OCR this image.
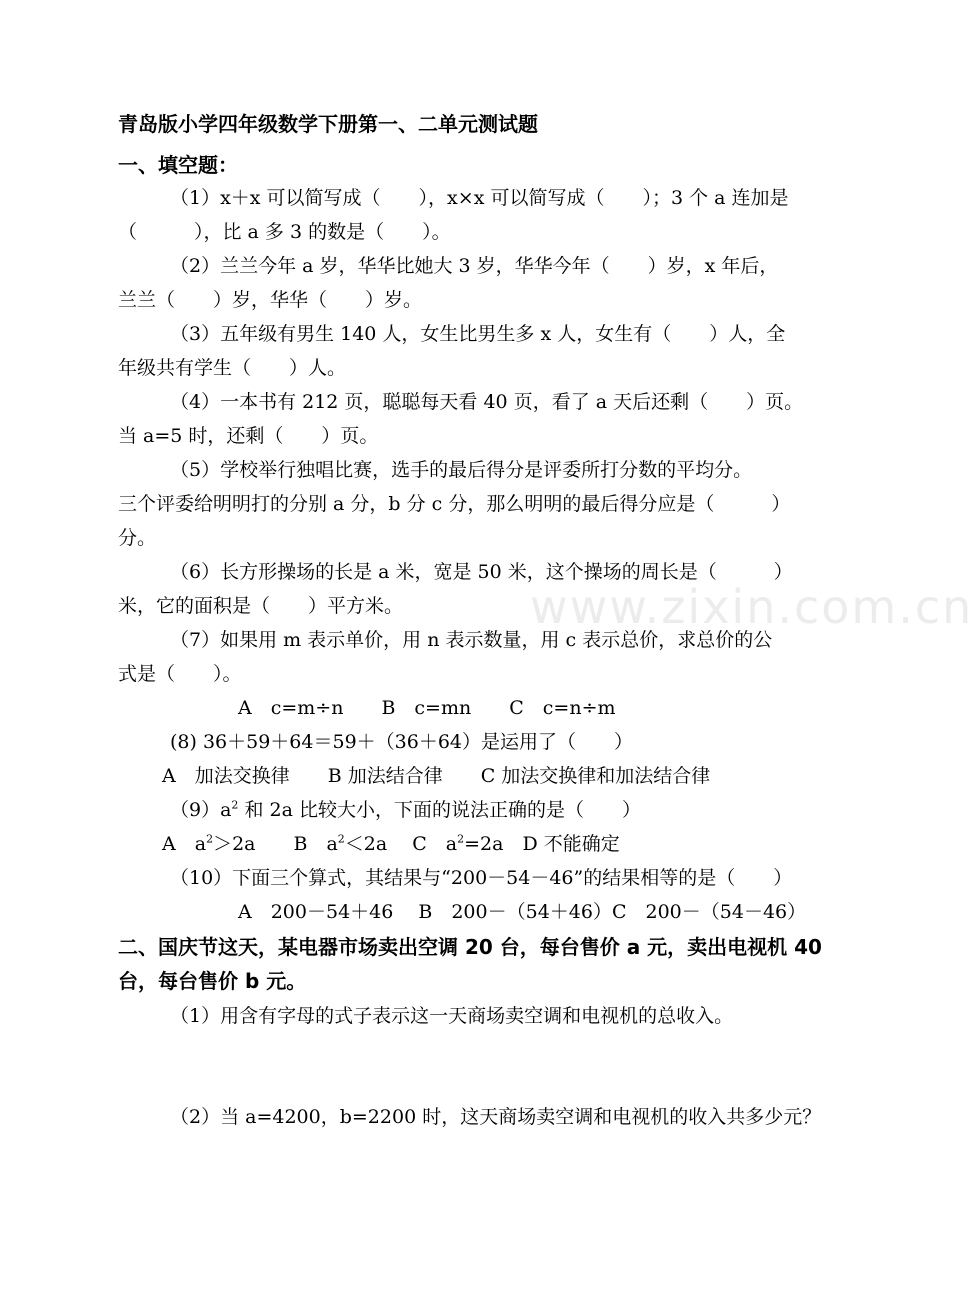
www.zixin.com.cn
青岛版小学四年级数学下册第一、二单元测试题
一、填空题：
（1）x＋x 可以简写成（　　），x×x 可以简写成（　　）；3 个 a 连加是
（　　　），比 a 多 3 的数是（　　）。
（2）兰兰今年 a 岁，华华比她大 3 岁，华华今年（　　）岁，x 年后，
兰兰（　　）岁，华华（　　）岁。
（3）五年级有男生 140 人，女生比男生多 x 人，女生有（　　）人，全
年级共有学生（　　）人。
（4）一本书有 212 页，聪聪每天看 40 页，看了 a 天后还剩（　　）页。
当 a=5 时，还剩（　　）页。
（5）学校举行独唱比赛，选手的最后得分是评委所打分数的平均分。
三个评委给明明打的分别 a 分，b 分 c 分，那么明明的最后得分应是（　　　）
分。
（6）长方形操场的长是 a 米，宽是 50 米，这个操场的周长是（　　　）
米，它的面积是（　　）平方米。
（7）如果用 m 表示单价，用 n 表示数量，用 c 表示总价，求总价的公
式是（　　）。
A　c=m÷n　　B　c=mn　　C　c=n÷m
(8) 36＋59＋64＝59＋（36＋64）是运用了（　　）
A　加法交换律　　B 加法结合律　　C 加法交换律和加法结合律
$(9)a^2$ 和 2a 比较大小，下面的说法正确的是（　　）
A　$a^2>2a$　　B　$a^2<2a$　 C　$a^2=2a$　D 不能确定
（10）下面三个算式，其结果与“200－54－46”的结果相等的是（　　）
A　200－54＋46　 B　200－（54＋46）C　200－（54－46）
二、国庆节这天，某电器市场卖出空调 20 台，每台售价 a 元，卖出电视机 40
台，每台售价 b 元。
（1）用含有字母的式子表示这一天商场卖空调和电视机的总收入。
（2）当 a=4200，b=2200 时，这天商场卖空调和电视机的收入共多少元？
